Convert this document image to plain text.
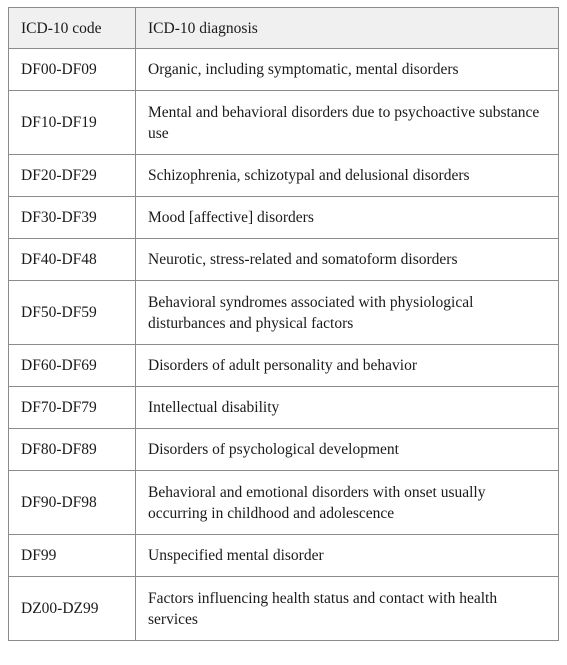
ICD-10 code	ICD-10 diagnosis
DF00-DF09	Organic, including symptomatic, mental disorders
DF10-DF19	Mental and behavioral disorders due to psychoactive substance use
DF20-DF29	Schizophrenia, schizotypal and delusional disorders
DF30-DF39	Mood [affective] disorders
DF40-DF48	Neurotic, stress-related and somatoform disorders
DF50-DF59	Behavioral syndromes associated with physiological disturbances and physical factors
DF60-DF69	Disorders of adult personality and behavior
DF70-DF79	Intellectual disability
DF80-DF89	Disorders of psychological development
DF90-DF98	Behavioral and emotional disorders with onset usually occurring in childhood and adolescence
DF99	Unspecified mental disorder
DZ00-DZ99	Factors influencing health status and contact with health services
